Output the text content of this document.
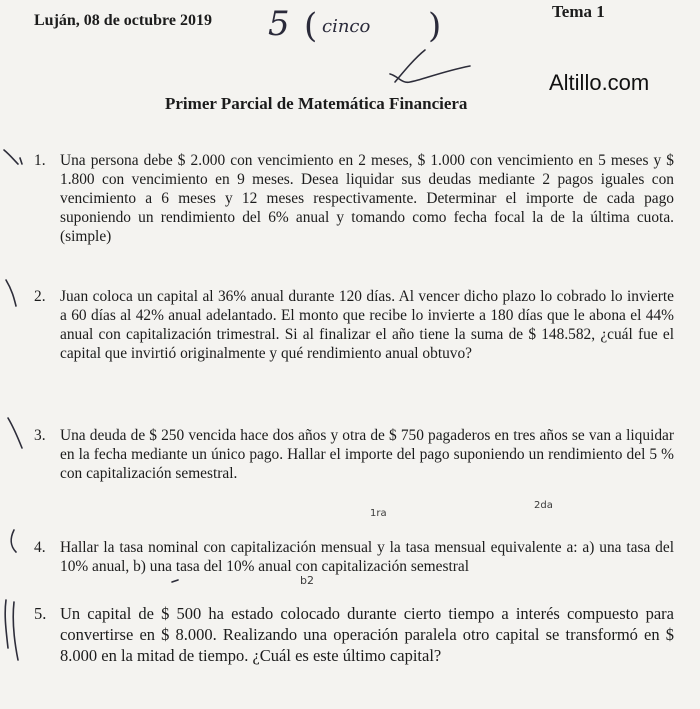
Luján, 08 de octubre 2019 5 ( cinco )	Tema 1
Altillo.com
Primer Parcial de Matemática Financiera
1. Una persona debe $ 2.000 con vencimiento en 2 meses, $ 1.000 con vencimiento en 5 meses y $ 1.800 con vencimiento en 9 meses. Desea liquidar sus deudas mediante 2 pagos iguales con vencimiento a 6 meses y 12 meses respectivamente. Determinar el importe de cada pago suponiendo un rendimiento del 6% anual y tomando como fecha focal la de la última cuota. (simple)
2. Juan coloca un capital al 36% anual durante 120 días. Al vencer dicho plazo lo cobrado lo invierte a 60 días al 42% anual adelantado. El monto que recibe lo invierte a 180 días que le abona el 44% anual con capitalización trimestral. Si al finalizar el año tiene la suma de $ 148.582, ¿cuál fue el capital que invirtió originalmente y qué rendimiento anual obtuvo?
3. Una deuda de $ 250 vencida hace dos años y otra de $ 750 pagaderos en tres años se van a liquidar en la fecha mediante un único pago. Hallar el importe del pago suponiendo un rendimiento del 5 % con capitalización semestral.
4. Hallar la tasa nominal con capitalización mensual y la tasa mensual equivalente a: a) una tasa del 10% anual, b) una tasa del 10% anual con capitalización semestral
5. Un capital de $ 500 ha estado colocado durante cierto tiempo a interés compuesto para convertirse en $ 8.000. Realizando una operación paralela otro capital se transformó en $ 8.000 en la mitad de tiempo. ¿Cuál es este último capital?
1ra
2da
b2
